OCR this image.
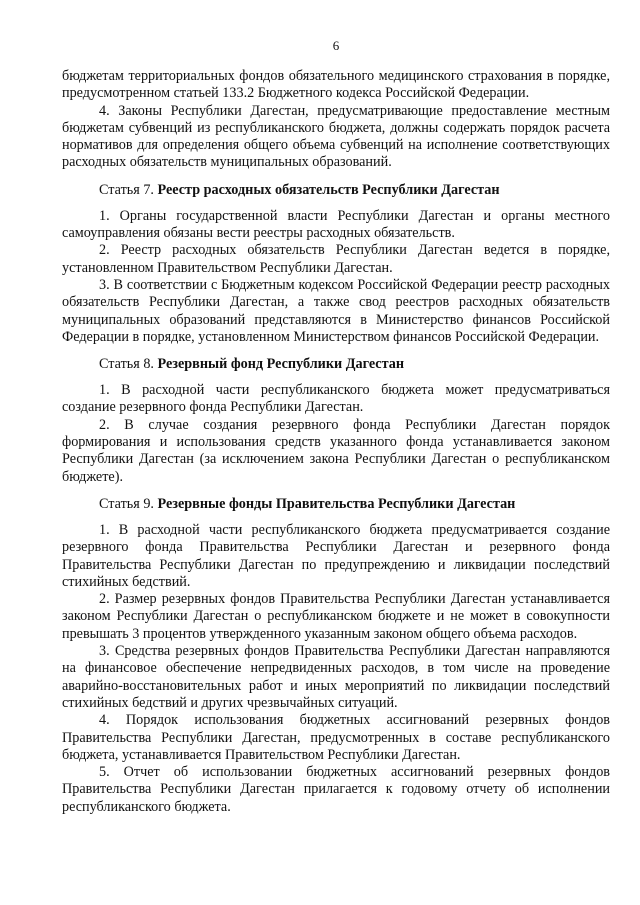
6

бюджетам территориальных фондов обязательного медицинского страхования в порядке, предусмотренном статьей 133.2 Бюджетного кодекса Российской Федерации.

4. Законы Республики Дагестан, предусматривающие предоставление местным бюджетам субвенций из республиканского бюджета, должны содержать порядок расчета нормативов для определения общего объема субвенций на исполнение соответствующих расходных обязательств муниципальных образований.

Статья 7. Реестр расходных обязательств Республики Дагестан

1. Органы государственной власти Республики Дагестан и органы местного самоуправления обязаны вести реестры расходных обязательств.

2. Реестр расходных обязательств Республики Дагестан ведется в порядке, установленном Правительством Республики Дагестан.

3. В соответствии с Бюджетным кодексом Российской Федерации реестр расходных обязательств Республики Дагестан, а также свод реестров расходных обязательств муниципальных образований представляются в Министерство финансов Российской Федерации в порядке, установленном Министерством финансов Российской Федерации.

Статья 8. Резервный фонд Республики Дагестан

1. В расходной части республиканского бюджета может предусматриваться создание резервного фонда Республики Дагестан.

2. В случае создания резервного фонда Республики Дагестан порядок формирования и использования средств указанного фонда устанавливается законом Республики Дагестан (за исключением закона Республики Дагестан о республиканском бюджете).

Статья 9. Резервные фонды Правительства Республики Дагестан

1. В расходной части республиканского бюджета предусматривается создание резервного фонда Правительства Республики Дагестан и резервного фонда Правительства Республики Дагестан по предупреждению и ликвидации последствий стихийных бедствий.

2. Размер резервных фондов Правительства Республики Дагестан устанавливается законом Республики Дагестан о республиканском бюджете и не может в совокупности превышать 3 процентов утвержденного указанным законом общего объема расходов.

3. Средства резервных фондов Правительства Республики Дагестан направляются на финансовое обеспечение непредвиденных расходов, в том числе на проведение аварийно-восстановительных работ и иных мероприятий по ликвидации последствий стихийных бедствий и других чрезвычайных ситуаций.

4. Порядок использования бюджетных ассигнований резервных фондов Правительства Республики Дагестан, предусмотренных в составе республиканского бюджета, устанавливается Правительством Республики Дагестан.

5. Отчет об использовании бюджетных ассигнований резервных фондов Правительства Республики Дагестан прилагается к годовому отчету об исполнении республиканского бюджета.
